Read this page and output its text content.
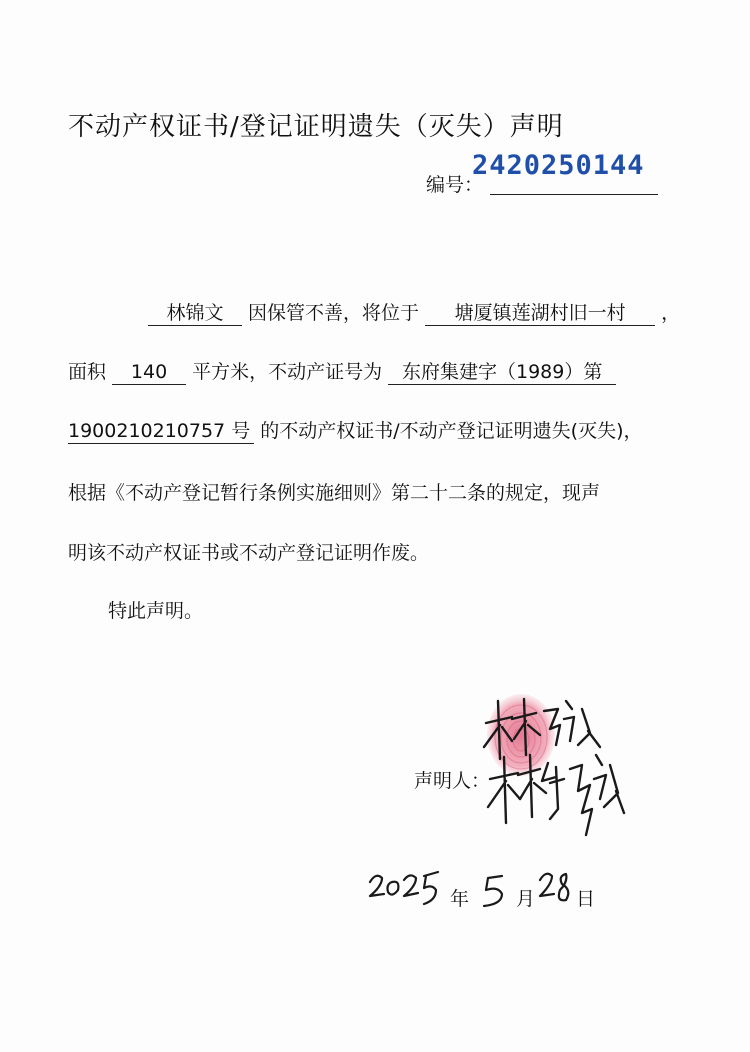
不动产权证书/登记证明遗失（灭失）声明
编号：
2420250144
林锦文 因保管不善，将位于 塘厦镇莲湖村旧一村 ，
面积 140 平方米，不动产证号为 东府集建字（1989）第
1900210210757 号 的不动产权证书/不动产登记证明遗失(灭失)，
根据《不动产登记暂行条例实施细则》第二十二条的规定，现声
明该不动产权证书或不动产登记证明作废。
特此声明。
声明人：
2025
年
5
月
28
日
